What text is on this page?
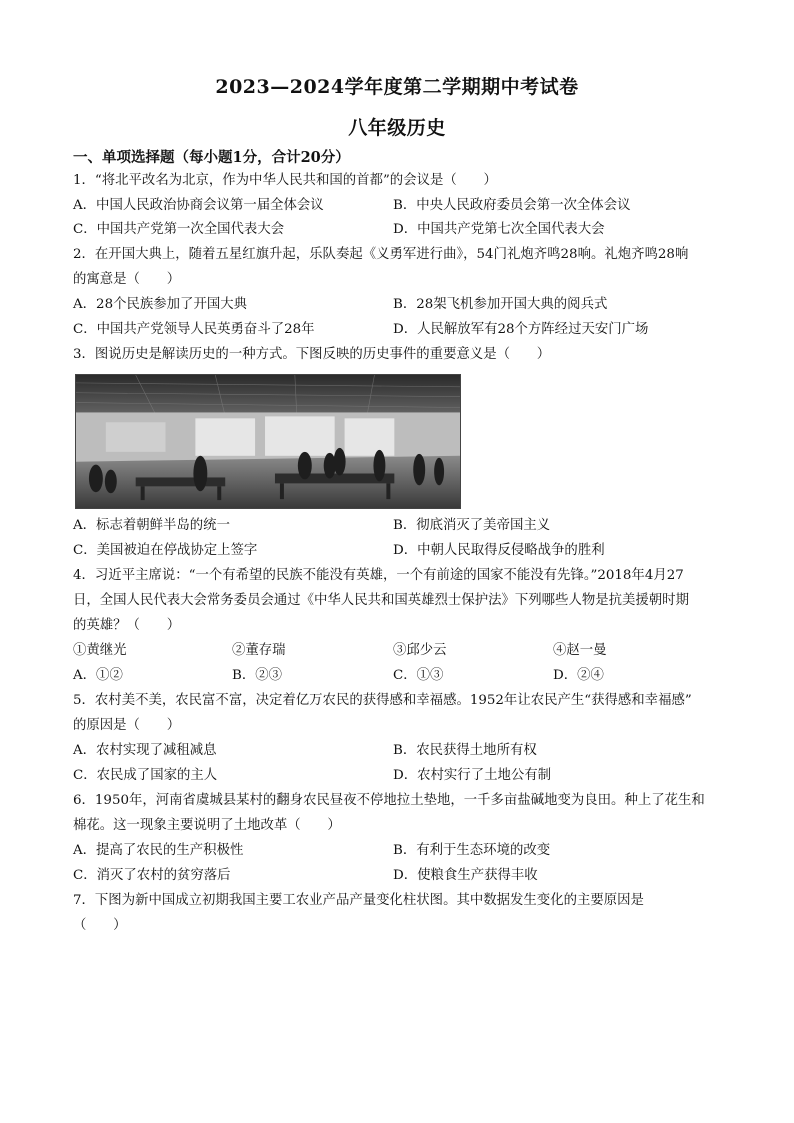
2023—2024学年度第二学期期中考试卷
八年级历史
一、单项选择题（每小题1分，合计20分）
1．“将北平改名为北京，作为中华人民共和国的首都”的会议是（　　）
A．中国人民政治协商会议第一届全体会议	B．中央人民政府委员会第一次全体会议
C．中国共产党第一次全国代表大会	D．中国共产党第七次全国代表大会
2．在开国大典上，随着五星红旗升起，乐队奏起《义勇军进行曲》，54门礼炮齐鸣28响。礼炮齐鸣28响
的寓意是（　　）
A．28个民族参加了开国大典	B．28架飞机参加开国大典的阅兵式
C．中国共产党领导人民英勇奋斗了28年	D．人民解放军有28个方阵经过天安门广场
3．图说历史是解读历史的一种方式。下图反映的历史事件的重要意义是（　　）
A．标志着朝鲜半岛的统一	B．彻底消灭了美帝国主义
C．美国被迫在停战协定上签字	D．中朝人民取得反侵略战争的胜利
4．习近平主席说：“一个有希望的民族不能没有英雄，一个有前途的国家不能没有先锋。”2018年4月27
日，全国人民代表大会常务委员会通过《中华人民共和国英雄烈士保护法》下列哪些人物是抗美援朝时期
的英雄？（　　）
①黄继光	②董存瑞	③邱少云	④赵一曼
A．①②	B．②③	C．①③	D．②④
5．农村美不美，农民富不富，决定着亿万农民的获得感和幸福感。1952年让农民产生“获得感和幸福感”
的原因是（　　）
A．农村实现了减租减息	B．农民获得土地所有权
C．农民成了国家的主人	D．农村实行了土地公有制
6．1950年，河南省虞城县某村的翻身农民昼夜不停地拉土垫地，一千多亩盐碱地变为良田。种上了花生和
棉花。这一现象主要说明了土地改革（　　）
A．提高了农民的生产积极性	B．有利于生态环境的改变
C．消灭了农村的贫穷落后	D．使粮食生产获得丰收
7．下图为新中国成立初期我国主要工农业产品产量变化柱状图。其中数据发生变化的主要原因是
（　　）
